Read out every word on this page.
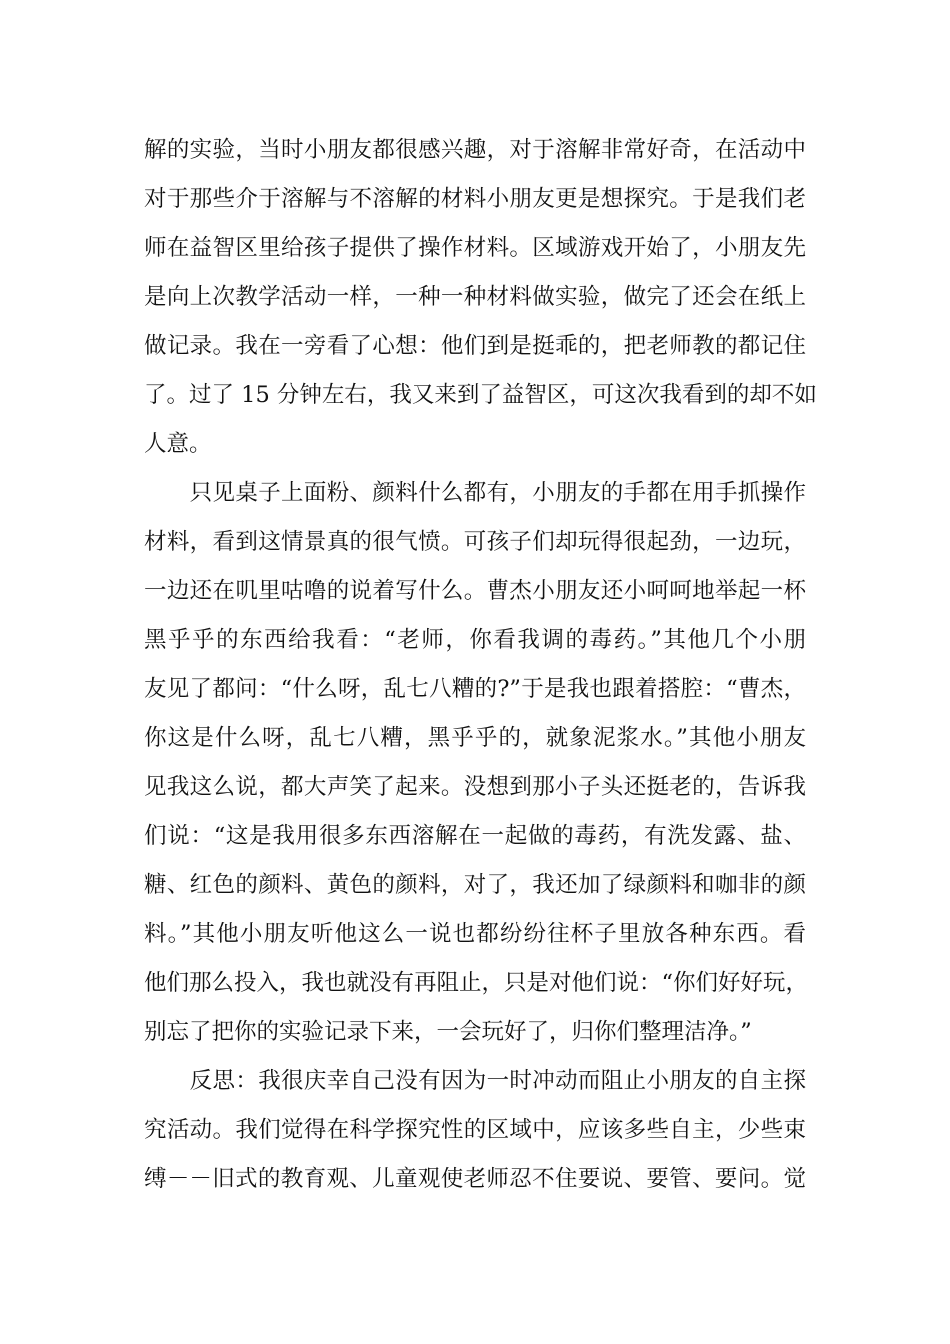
解的实验，当时小朋友都很感兴趣，对于溶解非常好奇，在活动中
对于那些介于溶解与不溶解的材料小朋友更是想探究。于是我们老
师在益智区里给孩子提供了操作材料。区域游戏开始了，小朋友先
是向上次教学活动一样，一种一种材料做实验，做完了还会在纸上
做记录。我在一旁看了心想：他们到是挺乖的，把老师教的都记住
了。过了 15 分钟左右，我又来到了益智区，可这次我看到的却不如
人意。
　　只见桌子上面粉、颜料什么都有，小朋友的手都在用手抓操作
材料，看到这情景真的很气愤。可孩子们却玩得很起劲，一边玩，
一边还在叽里咕噜的说着写什么。曹杰小朋友还小呵呵地举起一杯
黑乎乎的东西给我看：“老师，你看我调的毒药。”其他几个小朋
友见了都问：“什么呀，乱七八糟的?”于是我也跟着搭腔：“曹杰，
你这是什么呀，乱七八糟，黑乎乎的，就象泥浆水。”其他小朋友
见我这么说，都大声笑了起来。没想到那小子头还挺老的，告诉我
们说：“这是我用很多东西溶解在一起做的毒药，有洗发露、盐、
糖、红色的颜料、黄色的颜料，对了，我还加了绿颜料和咖非的颜
料。”其他小朋友听他这么一说也都纷纷往杯子里放各种东西。看
他们那么投入，我也就没有再阻止，只是对他们说：“你们好好玩，
别忘了把你的实验记录下来，一会玩好了，归你们整理洁净。”
　　反思：我很庆幸自己没有因为一时冲动而阻止小朋友的自主探
究活动。我们觉得在科学探究性的区域中，应该多些自主，少些束
缚－－旧式的教育观、儿童观使老师忍不住要说、要管、要问。觉
